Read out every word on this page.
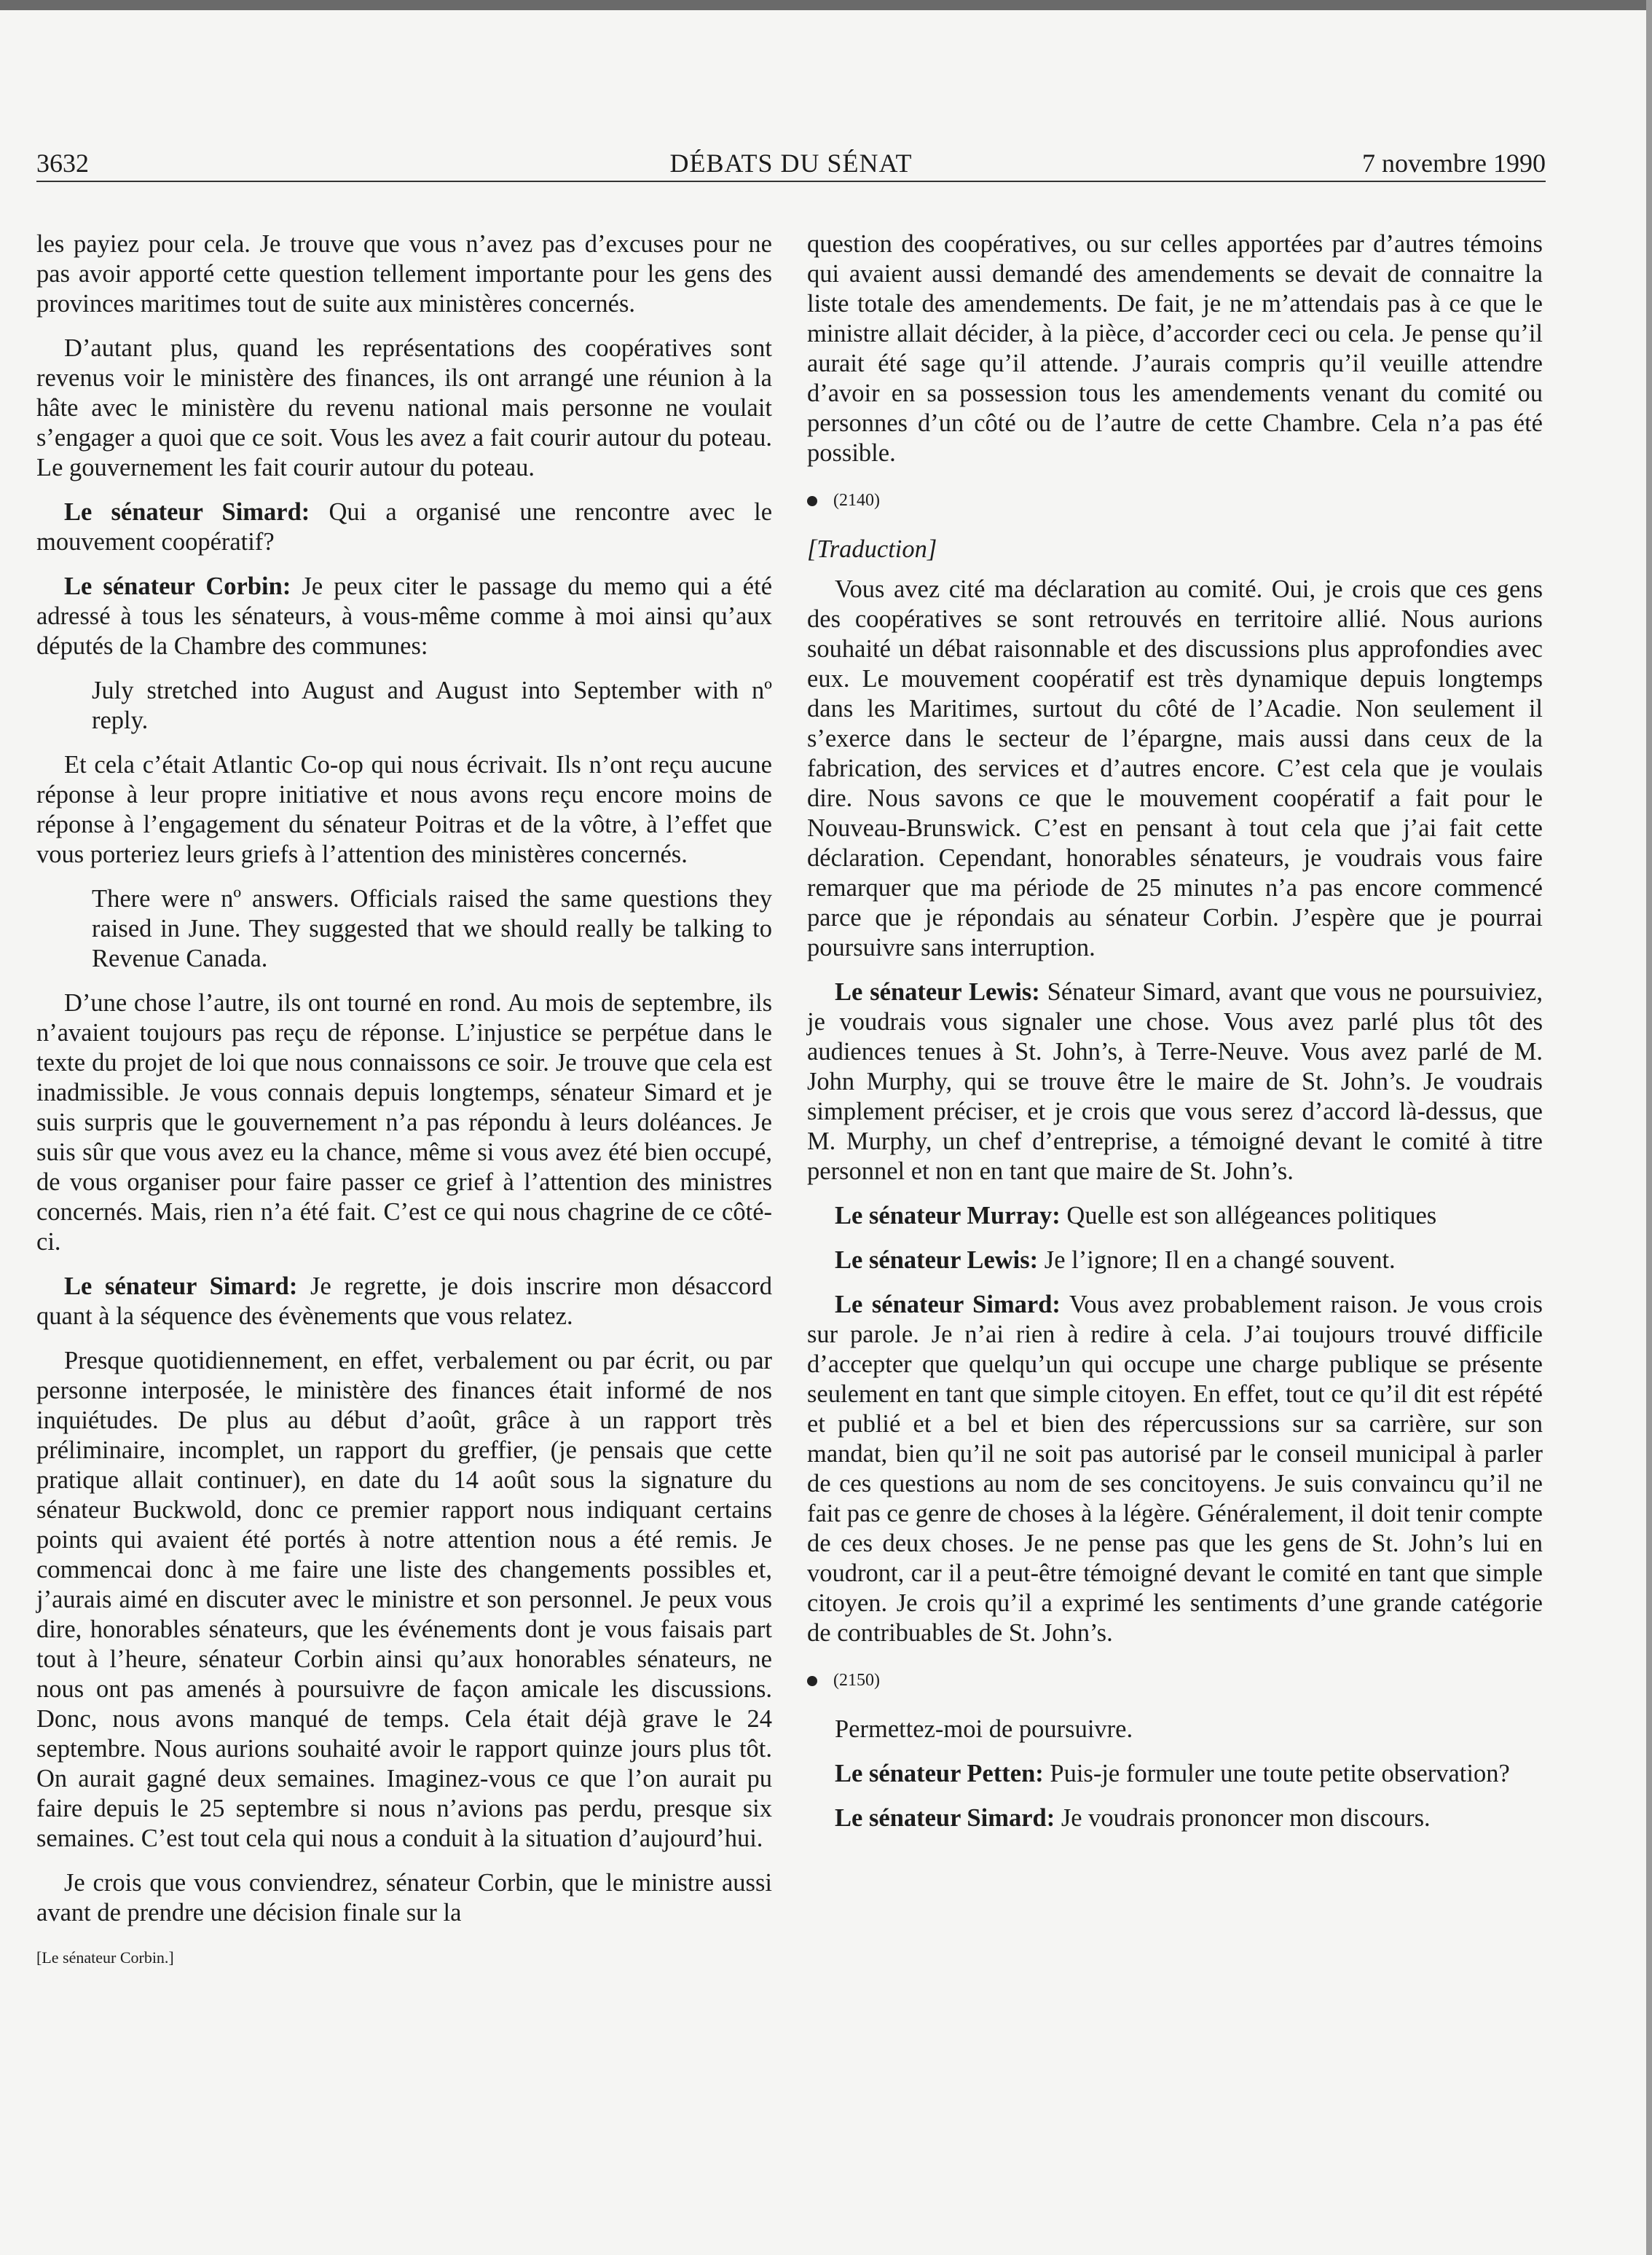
3632	DÉBATS DU SÉNAT	7 novembre 1990

les payiez pour cela. Je trouve que vous n’avez pas d’excuses pour ne pas avoir apporté cette question tellement importante pour les gens des provinces maritimes tout de suite aux ministères concernés.

D’autant plus, quand les représentations des coopératives sont revenus voir le ministère des finances, ils ont arrangé une réunion à la hâte avec le ministère du revenu national mais personne ne voulait s’engager a quoi que ce soit. Vous les avez a fait courir autour du poteau. Le gouvernement les fait courir autour du poteau.

Le sénateur Simard: Qui a organisé une rencontre avec le mouvement coopératif?

Le sénateur Corbin: Je peux citer le passage du memo qui a été adressé à tous les sénateurs, à vous-même comme à moi ainsi qu’aux députés de la Chambre des communes:

July stretched into August and August into September with nº reply.

Et cela c’était Atlantic Co-op qui nous écrivait. Ils n’ont reçu aucune réponse à leur propre initiative et nous avons reçu encore moins de réponse à l’engagement du sénateur Poitras et de la vôtre, à l’effet que vous porteriez leurs griefs à l’attention des ministères concernés.

There were nº answers. Officials raised the same questions they raised in June. They suggested that we should really be talking to Revenue Canada.

D’une chose l’autre, ils ont tourné en rond. Au mois de septembre, ils n’avaient toujours pas reçu de réponse. L’injustice se perpétue dans le texte du projet de loi que nous connaissons ce soir. Je trouve que cela est inadmissible. Je vous connais depuis longtemps, sénateur Simard et je suis surpris que le gouvernement n’a pas répondu à leurs doléances. Je suis sûr que vous avez eu la chance, même si vous avez été bien occupé, de vous organiser pour faire passer ce grief à l’attention des ministres concernés. Mais, rien n’a été fait. C’est ce qui nous chagrine de ce côté-ci.

Le sénateur Simard: Je regrette, je dois inscrire mon désaccord quant à la séquence des évènements que vous relatez.

Presque quotidiennement, en effet, verbalement ou par écrit, ou par personne interposée, le ministère des finances était informé de nos inquiétudes. De plus au début d’août, grâce à un rapport très préliminaire, incomplet, un rapport du greffier, (je pensais que cette pratique allait continuer), en date du 14 août sous la signature du sénateur Buckwold, donc ce premier rapport nous indiquant certains points qui avaient été portés à notre attention nous a été remis. Je commencai donc à me faire une liste des changements possibles et, j’aurais aimé en discuter avec le ministre et son personnel. Je peux vous dire, honorables sénateurs, que les événements dont je vous faisais part tout à l’heure, sénateur Corbin ainsi qu’aux honorables sénateurs, ne nous ont pas amenés à poursuivre de façon amicale les discussions. Donc, nous avons manqué de temps. Cela était déjà grave le 24 septembre. Nous aurions souhaité avoir le rapport quinze jours plus tôt. On aurait gagné deux semaines. Imaginez-vous ce que l’on aurait pu faire depuis le 25 septembre si nous n’avions pas perdu, presque six semaines. C’est tout cela qui nous a conduit à la situation d’aujourd’hui.

Je crois que vous conviendrez, sénateur Corbin, que le ministre aussi avant de prendre une décision finale sur la

[Le sénateur Corbin.]

question des coopératives, ou sur celles apportées par d’autres témoins qui avaient aussi demandé des amendements se devait de connaitre la liste totale des amendements. De fait, je ne m’attendais pas à ce que le ministre allait décider, à la pièce, d’accorder ceci ou cela. Je pense qu’il aurait été sage qu’il attende. J’aurais compris qu’il veuille attendre d’avoir en sa possession tous les amendements venant du comité ou personnes d’un côté ou de l’autre de cette Chambre. Cela n’a pas été possible.

(2140)
[Traduction]

Vous avez cité ma déclaration au comité. Oui, je crois que ces gens des coopératives se sont retrouvés en territoire allié. Nous aurions souhaité un débat raisonnable et des discussions plus approfondies avec eux. Le mouvement coopératif est très dynamique depuis longtemps dans les Maritimes, surtout du côté de l’Acadie. Non seulement il s’exerce dans le secteur de l’épargne, mais aussi dans ceux de la fabrication, des services et d’autres encore. C’est cela que je voulais dire. Nous savons ce que le mouvement coopératif a fait pour le Nouveau-Brunswick. C’est en pensant à tout cela que j’ai fait cette déclaration. Cependant, honorables sénateurs, je voudrais vous faire remarquer que ma période de 25 minutes n’a pas encore commencé parce que je répondais au sénateur Corbin. J’espère que je pourrai poursuivre sans interruption.

Le sénateur Lewis: Sénateur Simard, avant que vous ne poursuiviez, je voudrais vous signaler une chose. Vous avez parlé plus tôt des audiences tenues à St. John’s, à Terre-Neuve. Vous avez parlé de M. John Murphy, qui se trouve être le maire de St. John’s. Je voudrais simplement préciser, et je crois que vous serez d’accord là-dessus, que M. Murphy, un chef d’entreprise, a témoigné devant le comité à titre personnel et non en tant que maire de St. John’s.

Le sénateur Murray: Quelle est son allégeances politiques

Le sénateur Lewis: Je l’ignore; Il en a changé souvent.

Le sénateur Simard: Vous avez probablement raison. Je vous crois sur parole. Je n’ai rien à redire à cela. J’ai toujours trouvé difficile d’accepter que quelqu’un qui occupe une charge publique se présente seulement en tant que simple citoyen. En effet, tout ce qu’il dit est répété et publié et a bel et bien des répercussions sur sa carrière, sur son mandat, bien qu’il ne soit pas autorisé par le conseil municipal à parler de ces questions au nom de ses concitoyens. Je suis convaincu qu’il ne fait pas ce genre de choses à la légère. Généralement, il doit tenir compte de ces deux choses. Je ne pense pas que les gens de St. John’s lui en voudront, car il a peut-être témoigné devant le comité en tant que simple citoyen. Je crois qu’il a exprimé les sentiments d’une grande catégorie de contribuables de St. John’s.

(2150)

Permettez-moi de poursuivre.

Le sénateur Petten: Puis-je formuler une toute petite observation?

Le sénateur Simard: Je voudrais prononcer mon discours.
